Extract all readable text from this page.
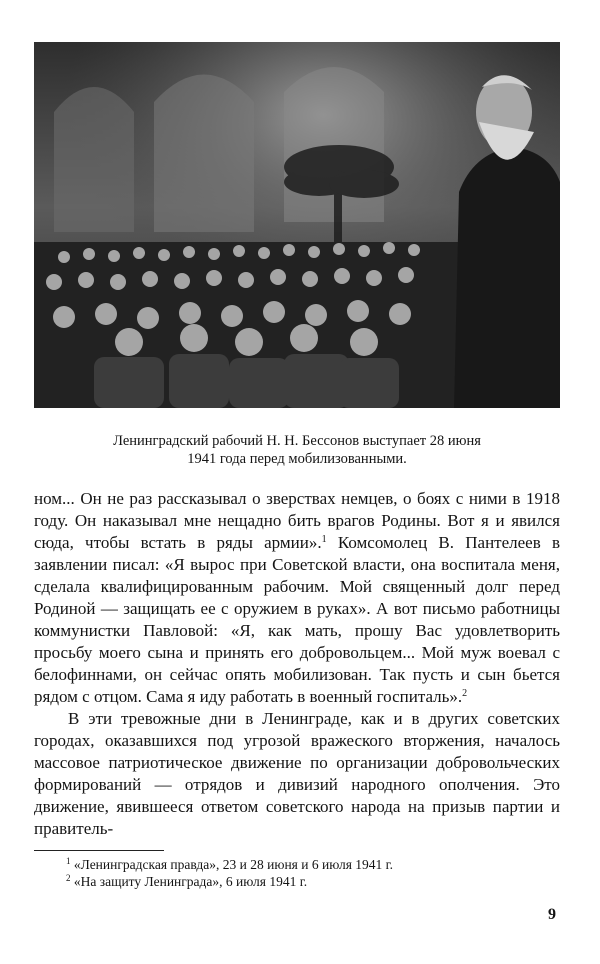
Ленинградский рабочий Н. Н. Бессонов выступает 28 июня
1941 года перед мобилизованными.

ном... Он не раз рассказывал о зверствах немцев, о боях с ними в 1918 году. Он наказывал мне нещадно бить врагов Родины. Вот я и явился сюда, чтобы встать в ряды армии».$^1$ Комсомолец В. Пантелеев в заявлении писал: «Я вырос при Советской власти, она воспитала меня, сделала квалифицированным рабочим. Мой священный долг перед Родиной — защищать ее с оружием в руках». А вот письмо работницы коммунистки Павловой: «Я, как мать, прошу Вас удовлетворить просьбу моего сына и принять его добровольцем... Мой муж воевал с белофиннами, он сейчас опять мобилизован. Так пусть и сын бьется рядом с отцом. Сама я иду работать в военный госпиталь».$^2$

В эти тревожные дни в Ленинграде, как и в других советских городах, оказавшихся под угрозой вражеского вторжения, началось массовое патриотическое движение по организации добровольческих формирований — отрядов и дивизий народного ополчения. Это движение, явившееся ответом советского народа на призыв партии и правитель-

$^1$ «Ленинградская правда», 23 и 28 июня и 6 июля 1941 г.
$^2$ «На защиту Ленинграда», 6 июля 1941 г.
9
